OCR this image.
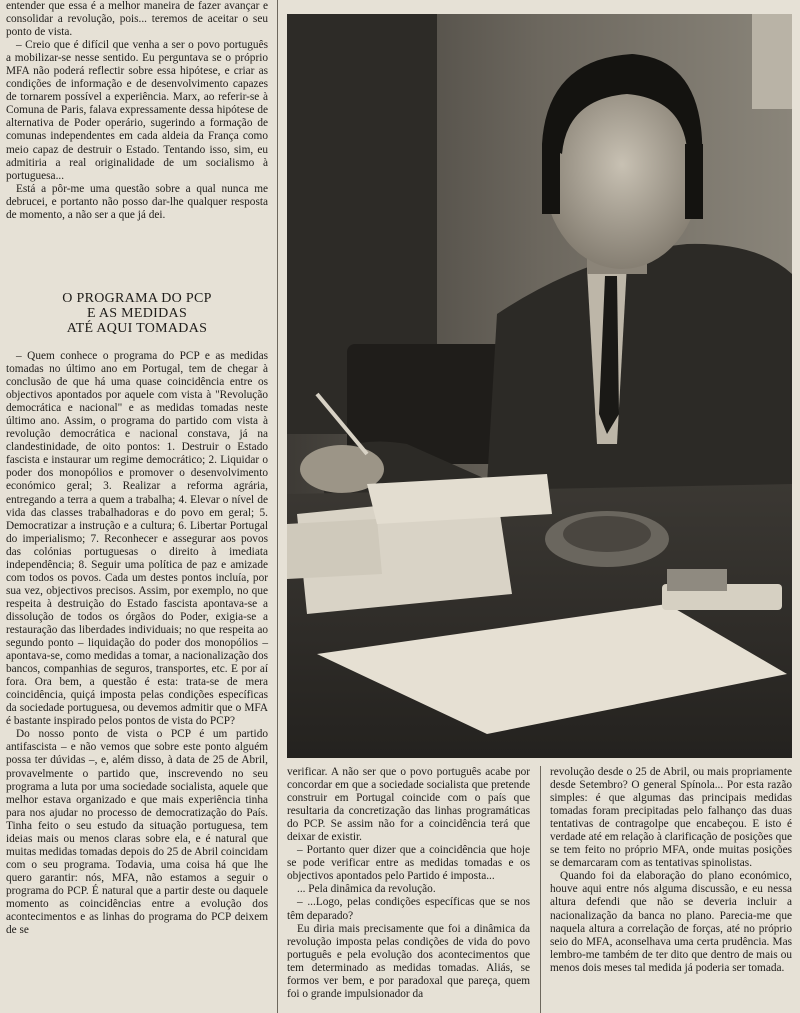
entender que essa é a melhor maneira de fazer avançar e consolidar a revolução, pois... teremos de aceitar o seu ponto de vista.

– Creio que é difícil que venha a ser o povo português a mobilizar-se nesse sentido. Eu perguntava se o próprio MFA não poderá reflectir sobre essa hipótese, e criar as condições de informação e de desenvolvimento capazes de tornarem possível a experiência. Marx, ao referir-se à Comuna de Paris, falava expressamente dessa hipótese de alternativa de Poder operário, sugerindo a formação de comunas independentes em cada aldeia da França como meio capaz de destruir o Estado. Tentando isso, sim, eu admitiria a real originalidade de um socialismo à portuguesa...

Está a pôr-me uma questão sobre a qual nunca me debrucei, e portanto não posso dar-lhe qualquer resposta de momento, a não ser a que já dei.

O PROGRAMA DO PCP
E AS MEDIDAS
ATÉ AQUI TOMADAS

– Quem conhece o programa do PCP e as medidas tomadas no último ano em Portugal, tem de chegar à conclusão de que há uma quase coincidência entre os objectivos apontados por aquele com vista à "Revolução democrática e nacional" e as medidas tomadas neste último ano. Assim, o programa do partido com vista à revolução democrática e nacional constava, já na clandestinidade, de oito pontos: 1. Destruir o Estado fascista e instaurar um regime democrático; 2. Liquidar o poder dos monopólios e promover o desenvolvimento económico geral; 3. Realizar a reforma agrária, entregando a terra a quem a trabalha; 4. Elevar o nível de vida das classes trabalhadoras e do povo em geral; 5. Democratizar a instrução e a cultura; 6. Libertar Portugal do imperialismo; 7. Reconhecer e assegurar aos povos das colónias portuguesas o direito à imediata independência; 8. Seguir uma política de paz e amizade com todos os povos. Cada um destes pontos incluía, por sua vez, objectivos precisos. Assim, por exemplo, no que respeita à destruição do Estado fascista apontava-se a dissolução de todos os órgãos do Poder, exigia-se a restauração das liberdades individuais; no que respeita ao segundo ponto – liquidação do poder dos monopólios – apontava-se, como medidas a tomar, a nacionalização dos bancos, companhias de seguros, transportes, etc. E por aí fora. Ora bem, a questão é esta: trata-se de mera coincidência, quiçá imposta pelas condições específicas da sociedade portuguesa, ou devemos admitir que o MFA é bastante inspirado pelos pontos de vista do PCP?

Do nosso ponto de vista o PCP é um partido antifascista – e não vemos que sobre este ponto alguém possa ter dúvidas –, e, além disso, à data de 25 de Abril, provavelmente o partido que, inscrevendo no seu programa a luta por uma sociedade socialista, aquele que melhor estava organizado e que mais experiência tinha para nos ajudar no processo de democratização do País. Tinha feito o seu estudo da situação portuguesa, tem ideias mais ou menos claras sobre ela, e é natural que muitas medidas tomadas depois do 25 de Abril coincidam com o seu programa. Todavia, uma coisa há que lhe quero garantir: nós, MFA, não estamos a seguir o programa do PCP. É natural que a partir deste ou daquele momento as coincidências entre a evolução dos acontecimentos e as linhas do programa do PCP deixem de se

verificar. A não ser que o povo português acabe por concordar em que a sociedade socialista que pretende construir em Portugal coincide com o país que resultaria da concretização das linhas programáticas do PCP. Se assim não for a coincidência terá que deixar de existir.

– Portanto quer dizer que a coincidência que hoje se pode verificar entre as medidas tomadas e os objectivos apontados pelo Partido é imposta...

... Pela dinâmica da revolução.

– ...Logo, pelas condições específicas que se nos têm deparado?

Eu diria mais precisamente que foi a dinâmica da revolução imposta pelas condições de vida do povo português e pela evolução dos acontecimentos que tem determinado as medidas tomadas. Aliás, se formos ver bem, e por paradoxal que pareça, quem foi o grande impulsionador da

revolução desde o 25 de Abril, ou mais propriamente desde Setembro? O general Spínola... Por esta razão simples: é que algumas das principais medidas tomadas foram precipitadas pelo falhanço das duas tentativas de contragolpe que encabeçou. E isto é verdade até em relação à clarificação de posições que se tem feito no próprio MFA, onde muitas posições se demarcaram com as tentativas spinolistas.

Quando foi da elaboração do plano económico, houve aqui entre nós alguma discussão, e eu nessa altura defendi que não se deveria incluir a nacionalização da banca no plano. Parecia-me que naquela altura a correlação de forças, até no próprio seio do MFA, aconselhava uma certa prudência. Mas lembro-me também de ter dito que dentro de mais ou menos dois meses tal medida já poderia ser tomada.
